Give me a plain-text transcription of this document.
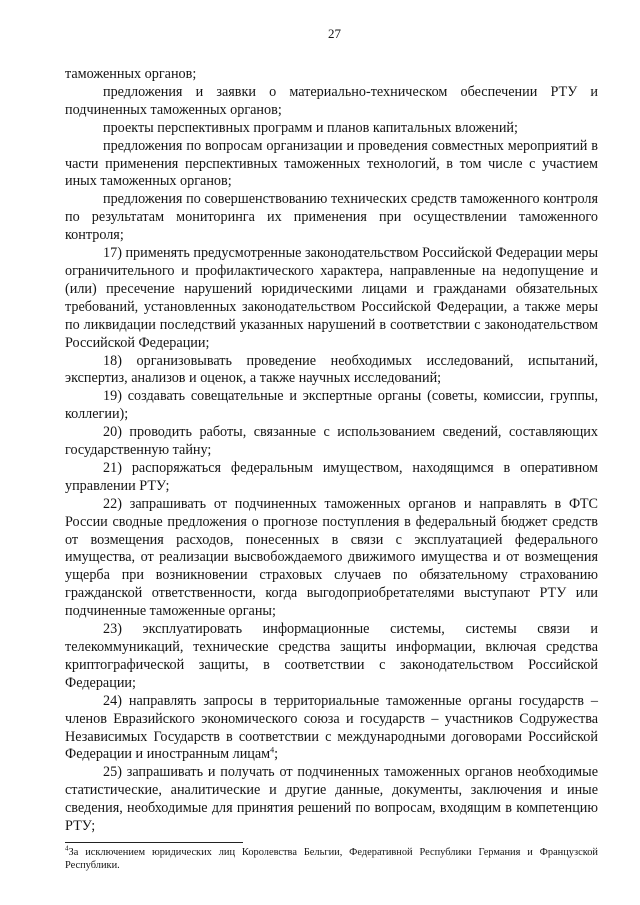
27

таможенных органов;

предложения и заявки о материально-техническом обеспечении РТУ и подчиненных таможенных органов;

проекты перспективных программ и планов капитальных вложений;

предложения по вопросам организации и проведения совместных мероприятий в части применения перспективных таможенных технологий, в том числе с участием иных таможенных органов;

предложения по совершенствованию технических средств таможенного контроля по результатам мониторинга их применения при осуществлении таможенного контроля;

17) применять предусмотренные законодательством Российской Федерации меры ограничительного и профилактического характера, направленные на недопущение и (или) пресечение нарушений юридическими лицами и гражданами обязательных требований, установленных законодательством Российской Федерации, а также меры по ликвидации последствий указанных нарушений в соответствии с законодательством Российской Федерации;

18) организовывать проведение необходимых исследований, испытаний, экспертиз, анализов и оценок, а также научных исследований;

19) создавать совещательные и экспертные органы (советы, комиссии, группы, коллегии);

20) проводить работы, связанные с использованием сведений, составляющих государственную тайну;

21) распоряжаться федеральным имуществом, находящимся в оперативном управлении РТУ;

22) запрашивать от подчиненных таможенных органов и направлять в ФТС России сводные предложения о прогнозе поступления в федеральный бюджет средств от возмещения расходов, понесенных в связи с эксплуатацией федерального имущества, от реализации высвобождаемого движимого имущества и от возмещения ущерба при возникновении страховых случаев по обязательному страхованию гражданской ответственности, когда выгодоприобретателями выступают РТУ или подчиненные таможенные органы;

23) эксплуатировать информационные системы, системы связи и телекоммуникаций, технические средства защиты информации, включая средства криптографической защиты, в соответствии с законодательством Российской Федерации;

24) направлять запросы в территориальные таможенные органы государств – членов Евразийского экономического союза и государств – участников Содружества Независимых Государств в соответствии с международными договорами Российской Федерации и иностранным лицам$^4$;

25) запрашивать и получать от подчиненных таможенных органов необходимые статистические, аналитические и другие данные, документы, заключения и иные сведения, необходимые для принятия решений по вопросам, входящим в компетенцию РТУ;

$^4$За исключением юридических лиц Королевства Бельгии, Федеративной Республики Германия и Французской Республики.
